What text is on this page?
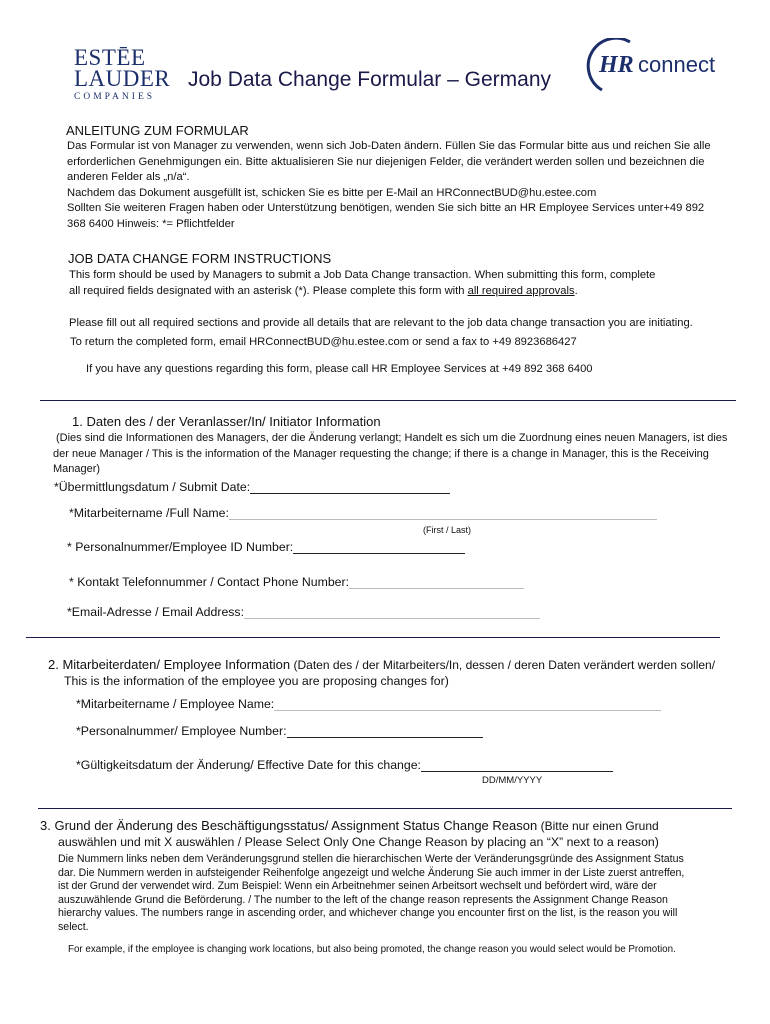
ESTĒE
LAUDER
COMPANIES
Job Data Change Formular – Germany
HR connect
ANLEITUNG ZUM FORMULAR
Das Formular ist von Manager zu verwenden, wenn sich Job-Daten ändern. Füllen Sie das Formular bitte aus und reichen Sie alle
erforderlichen Genehmigungen ein. Bitte aktualisieren Sie nur diejenigen Felder, die verändert werden sollen und bezeichnen die
anderen Felder als „n/a“.
Nachdem das Dokument ausgefüllt ist, schicken Sie es bitte per E-Mail an HRConnectBUD@hu.estee.com
Sollten Sie weiteren Fragen haben oder Unterstützung benötigen, wenden Sie sich bitte an HR Employee Services unter+49 892
368 6400 Hinweis: *= Pflichtfelder
JOB DATA CHANGE FORM INSTRUCTIONS
This form should be used by Managers to submit a Job Data Change transaction. When submitting this form, complete
all required fields designated with an asterisk (*). Please complete this form with all required approvals.
Please fill out all required sections and provide all details that are relevant to the job data change transaction you are initiating.
To return the completed form, email HRConnectBUD@hu.estee.com or send a fax to +49 8923686427
If you have any questions regarding this form, please call HR Employee Services at +49 892 368 6400
1. Daten des / der Veranlasser/In/ Initiator Information
(Dies sind die Informationen des Managers, der die Änderung verlangt; Handelt es sich um die Zuordnung eines neuen Managers, ist dies
der neue Manager / This is the information of the Manager requesting the change; if there is a change in Manager, this is the Receiving
Manager)
*Übermittlungsdatum / Submit Date:
*Mitarbeitername /Full Name:
(First / Last)
* Personalnummer/Employee ID Number:
* Kontakt Telefonnummer / Contact Phone Number:
*Email-Adresse / Email Address:
2. Mitarbeiterdaten/ Employee Information (Daten des / der Mitarbeiters/In, dessen / deren Daten verändert werden sollen/
This is the information of the employee you are proposing changes for)
*Mitarbeitername / Employee Name:
*Personalnummer/ Employee Number:
*Gültigkeitsdatum der Änderung/ Effective Date for this change:
DD/MM/YYYY
3. Grund der Änderung des Beschäftigungsstatus/ Assignment Status Change Reason (Bitte nur einen Grund
auswählen und mit X auswählen / Please Select Only One Change Reason by placing an “X” next to a reason)
Die Nummern links neben dem Veränderungsgrund stellen die hierarchischen Werte der Veränderungsgründe des Assignment Status
dar. Die Nummern werden in aufsteigender Reihenfolge angezeigt und welche Änderung Sie auch immer in der Liste zuerst antreffen,
ist der Grund der verwendet wird. Zum Beispiel: Wenn ein Arbeitnehmer seinen Arbeitsort wechselt und befördert wird, wäre der
auszuwählende Grund die Beförderung. / The number to the left of the change reason represents the Assignment Change Reason
hierarchy values. The numbers range in ascending order, and whichever change you encounter first on the list, is the reason you will
select.
For example, if the employee is changing work locations, but also being promoted, the change reason you would select would be Promotion.
